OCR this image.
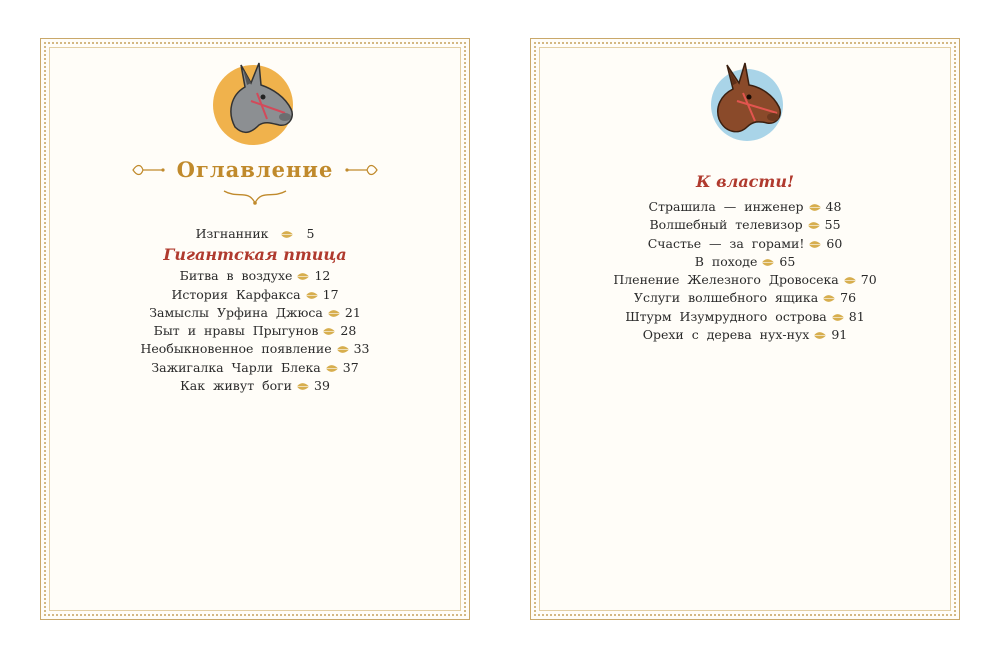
Оглавление
Изгнанник	5
Гигантская птица
Битва в воздухе 12
История Карфакса 17
Замыслы Урфина Джюса 21
Быт и нравы Прыгунов 28
Необыкновенное появление 33
Зажигалка Чарли Блека 37
Как живут боги 39
К власти!
Страшила — инженер 48
Волшебный телевизор 55
Счастье — за горами! 60
В походе 65
Пленение Железного Дровосека 70
Услуги волшебного ящика 76
Штурм Изумрудного острова 81
Орехи с дерева нух-нух 91
